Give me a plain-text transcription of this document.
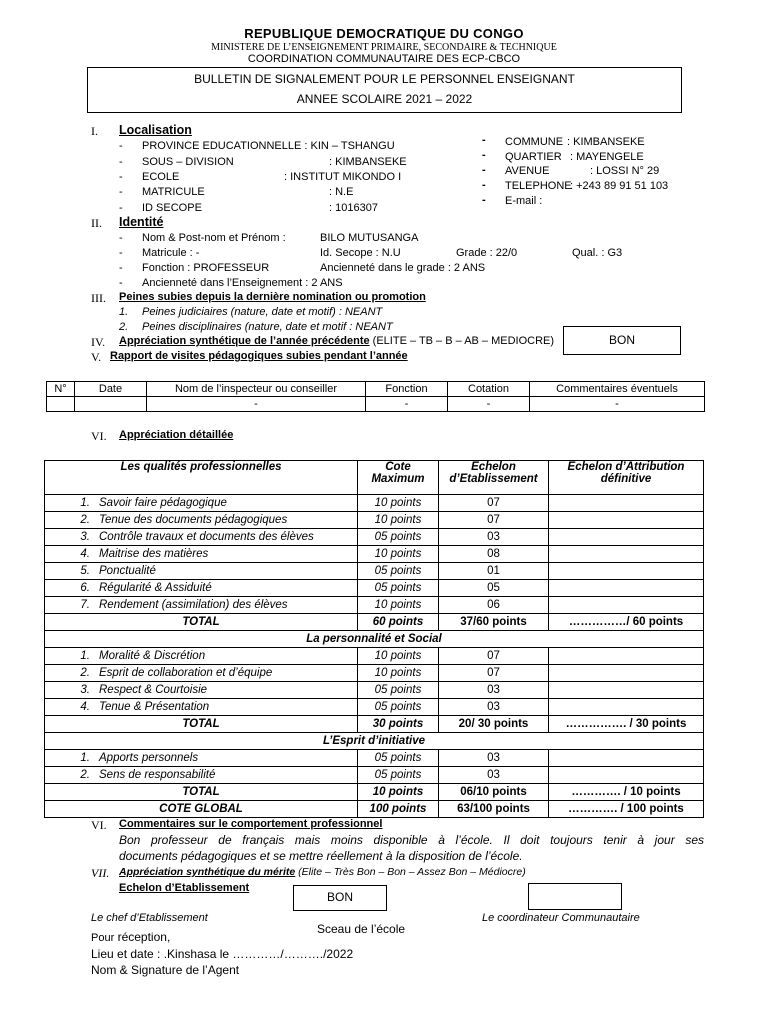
REPUBLIQUE DEMOCRATIQUE DU CONGO
MINISTERE DE L’ENSEIGNEMENT PRIMAIRE, SECONDAIRE & TECHNIQUE
COORDINATION COMMUNAUTAIRE DES ECP-CBCO
BULLETIN DE SIGNALEMENT POUR LE PERSONNEL ENSEIGNANT
ANNEE SCOLAIRE 2021 – 2022
I. Localisation
- PROVINCE EDUCATIONNELLE : KIN – TSHANGU
- SOUS – DIVISION	: KIMBANSEKE
- ECOLE	: INSTITUT MIKONDO I
- MATRICULE	: N.E
- ID SECOPE	: 1016307
- COMMUNE : KIMBANSEKE
- QUARTIER : MAYENGELE
- AVENUE	: LOSSI N° 29
- TELEPHONE
: +243 89 91 51 103
- E-mail :
II. Identité
- Nom & Post-nom et Prénom :	BILO MUTUSANGA
- Matricule : -	Id. Secope : N.U	Grade : 22/0	Qual. : G3
- Fonction : PROFESSEUR	Ancienneté dans le grade : 2 ANS
- Ancienneté dans l’Enseignement : 2 ANS
III. Peines subies depuis la dernière nomination ou promotion
1. Peines judiciaires (nature, date et motif) : NEANT
2. Peines disciplinaires (nature, date et motif : NEANT
IV. Appréciation synthétique de l’année précédente (ELITE – TB – B – AB – MEDIOCRE)	BON
V. Rapport de visites pédagogiques subies pendant l’année
N°	Date	Nom de l’inspecteur ou conseiller	Fonction	Cotation	Commentaires éventuels
		-	-	-	-
VI. Appréciation détaillée
Les qualités professionnelles	Cote Maximum	Echelon d’Etablissement	Echelon d’Attribution définitive
1. Savoir faire pédagogique	10 points	07	
2. Tenue des documents pédagogiques	10 points	07	
3. Contrôle travaux et documents des élèves	05 points	03	
4. Maitrise des matières	10 points	08	
5. Ponctualité	05 points	01	
6. Régularité & Assiduité	05 points	05	
7. Rendement (assimilation) des élèves	10 points	06	
TOTAL	60 points	37/60 points	……………/ 60 points
La personnalité et Social			
1. Moralité & Discrétion	10 points	07	
2. Esprit de collaboration et d’équipe	10 points	07	
3. Respect & Courtoisie	05 points	03	
4. Tenue & Présentation	05 points	03	
TOTAL	30 points	20/ 30 points	……………. / 30 points
L’Esprit d’initiative			
1. Apports personnels	05 points	03	
2. Sens de responsabilité	05 points	03	
TOTAL	10 points	06/10 points	…………. / 10 points
COTE GLOBAL	100 points	63/100 points	…………. / 100 points
VI. Commentaires sur le comportement professionnel
Bon professeur de français mais moins disponible à l’école. Il doit toujours tenir à jour ses
documents pédagogiques et se mettre réellement à la disposition de l’école.
VII. Appréciation synthétique du mérite (Elite – Très Bon – Bon – Assez Bon – Médiocre)
Echelon d’Etablissement
BON
Le chef d’Etablissement
Sceau de l’école
Le coordinateur Communautaire
Pour réception,
Lieu et date : .Kinshasa le …………/………./2022
Nom & Signature de l’Agent
